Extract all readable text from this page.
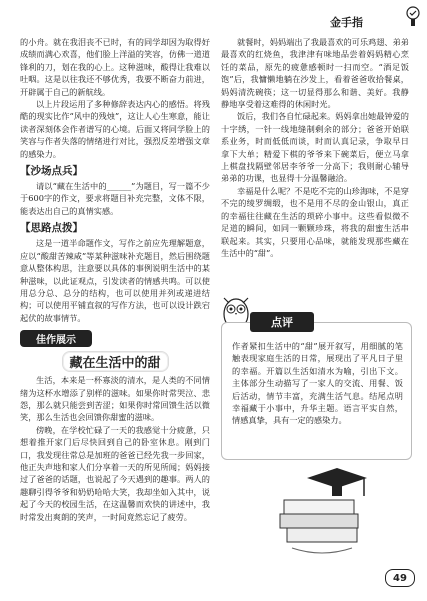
金手指

的小舟。就在我泪丧不已时，有的同学却因为取得好成绩而满心欢喜，他们脸上洋溢的笑容，仿佛一道道锋利的刀，划在我的心上。这种滋味，酸得让我难以吐咽。这是以往我还不够优秀，我要不断奋力前进，开辟属于自己的新航线。

以上片段运用了多种修辞表达内心的感悟。将残酷的现实比作“风中的残烛”，这让人心生寒意，能让读者深刻体会作者谱写的心境。后面又将同学脸上的笑容与作者失落的情绪进行对比，强烈反差增强文章的感染力。

【沙场点兵】

请以“藏在生活中的______”为题目，写一篇不少于600字的作文，要求将题目补充完整，文体不限，能表达出自己的真情实感。

【思路点拨】

这是一道半命题作文，写作之前应先理解题意，应以“酸甜苦辣咸”等某种滋味补充题目，然后围绕题意从整体构思，注意要以具体的事例说明生活中的某种滋味，以此证观点，引发读者的情感共鸣。可以使用总分总、总分的结构，也可以使用并列或递进结构；可以使用平铺直叙的写作方法，也可以设计跌宕起伏的故事情节。

佳作展示
藏在生活中的甜

生活，本来是一杯寡淡的清水，是人类的不同情绪为这杯水增添了别样的滋味。如果你时常哭泣、悲怨，那么就只能尝到苦涩；如果你时常回馈生活以微笑，那么生活也会回馈你甜蜜的滋味。

傍晚，在学校忙碌了一天的我感觉十分疲惫，只想着推开家门后尽快回到自己的卧室休息。刚到门口，我发现往常总是加班的爸爸已经先我一步回家，他正失声地和家人们分享着一天的所见所闻；妈妈接过了爸爸的话题，也说起了今天遇到的趣事。两人的趣聊引得爷爷和奶奶哈哈大笑，我却坐如入其中，说起了今天的校园生活，在这温馨而欢快的讲述中，我时常发出爽朗的笑声，一时间竟然忘记了疲劳。

就餐时，妈妈端出了我最喜欢的可乐鸡翅、弟弟最喜欢的红烧鱼，我津津有味地品尝着妈妈精心烹饪的菜品，原先的疲惫感顿时一扫而空。“酒足饭饱”后，我慵懒地躺在沙发上，看着爸爸收拾餐桌，妈妈清洗碗筷；这一切显得那么和谐、美好。我静静地享受着这难得的休闲时光。

饭后，我们各自忙碌起来。妈妈拿出她最钟爱的十字绣，一针一线地缝制剩余的部分；爸爸开始联系业务，时而低低而谈，时而认真记录，争取早日拿下大单；精爱下棋的爷爷来下碗菜后，便立马拿上棋盘找隔壁邻居李爷爷一分高下；我则耐心辅导弟弟的功课，也显得十分温馨融洽。

幸福是什么呢？不是吃不完的山珍海味，不是穿不完的绫罗绸缎，也不是用不尽的金山银山，真正的幸福往往藏在生活的琐碎小事中。这些看似微不足道的瞬间，如同一颗颗珍珠，将我的甜蜜生活串联起来。其实，只要用心品味，就能发现那些藏在生活中的“甜”。

点评
作者紧扣生活中的“甜”展开叙写，用细腻的笔触表现家庭生活的日常，展现出了平凡日子里的幸福。开篇以生活如清水为喻，引出下文。主体部分生动描写了一家人的交流、用餐、饭后活动，情节丰富，充满生活气息。结尾点明幸福藏于小事中，升华主题。语言平实自然，情感真挚，具有一定的感染力。
49
